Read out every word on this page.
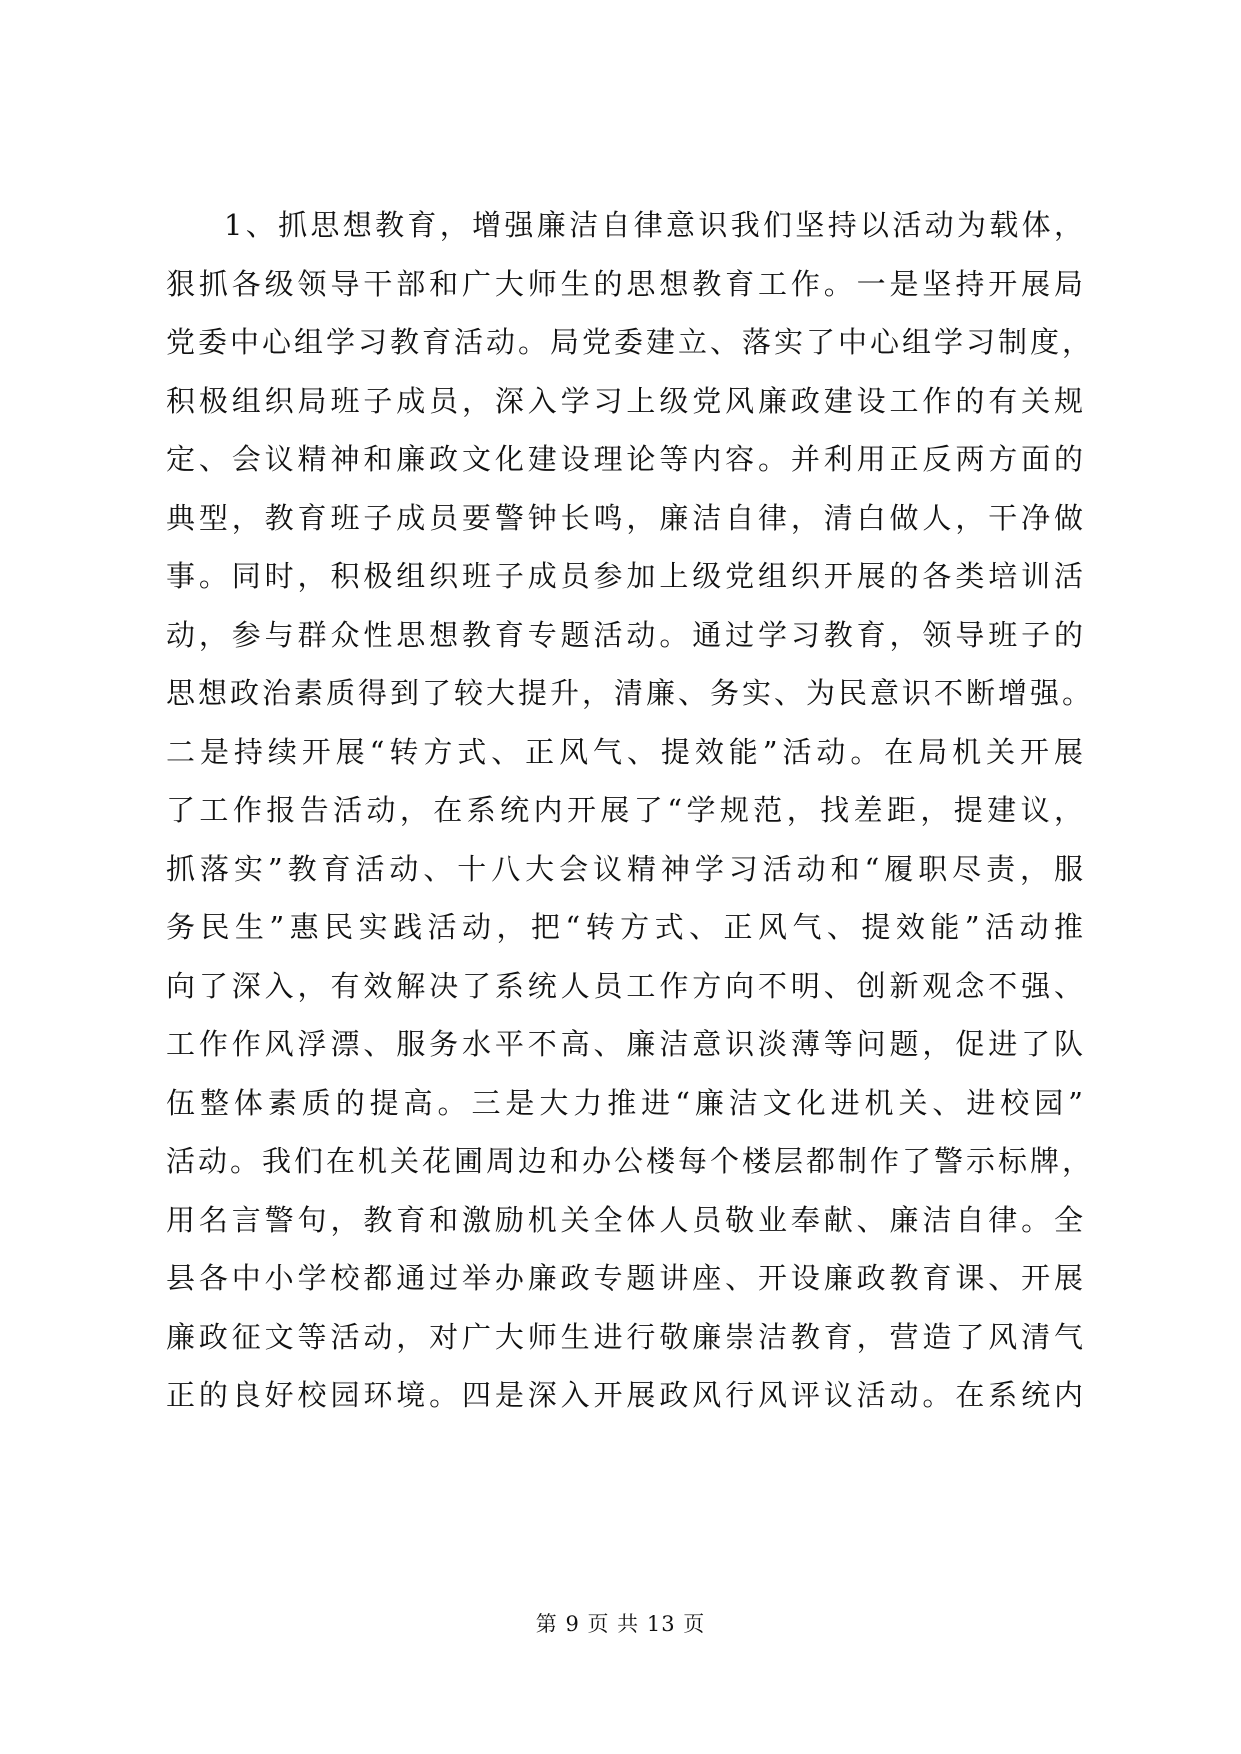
1、抓思想教育，增强廉洁自律意识我们坚持以活动为载体，
狠抓各级领导干部和广大师生的思想教育工作。一是坚持开展局
党委中心组学习教育活动。局党委建立、落实了中心组学习制度，
积极组织局班子成员，深入学习上级党风廉政建设工作的有关规
定、会议精神和廉政文化建设理论等内容。并利用正反两方面的
典型，教育班子成员要警钟长鸣，廉洁自律，清白做人，干净做
事。同时，积极组织班子成员参加上级党组织开展的各类培训活
动，参与群众性思想教育专题活动。通过学习教育，领导班子的
思想政治素质得到了较大提升，清廉、务实、为民意识不断增强。
二是持续开展“转方式、正风气、提效能”活动。在局机关开展
了工作报告活动，在系统内开展了“学规范，找差距，提建议，
抓落实”教育活动、十八大会议精神学习活动和“履职尽责，服
务民生”惠民实践活动，把“转方式、正风气、提效能”活动推
向了深入，有效解决了系统人员工作方向不明、创新观念不强、
工作作风浮漂、服务水平不高、廉洁意识淡薄等问题，促进了队
伍整体素质的提高。三是大力推进“廉洁文化进机关、进校园”
活动。我们在机关花圃周边和办公楼每个楼层都制作了警示标牌，
用名言警句，教育和激励机关全体人员敬业奉献、廉洁自律。全
县各中小学校都通过举办廉政专题讲座、开设廉政教育课、开展
廉政征文等活动，对广大师生进行敬廉崇洁教育，营造了风清气
正的良好校园环境。四是深入开展政风行风评议活动。在系统内
第 9 页 共 13 页
